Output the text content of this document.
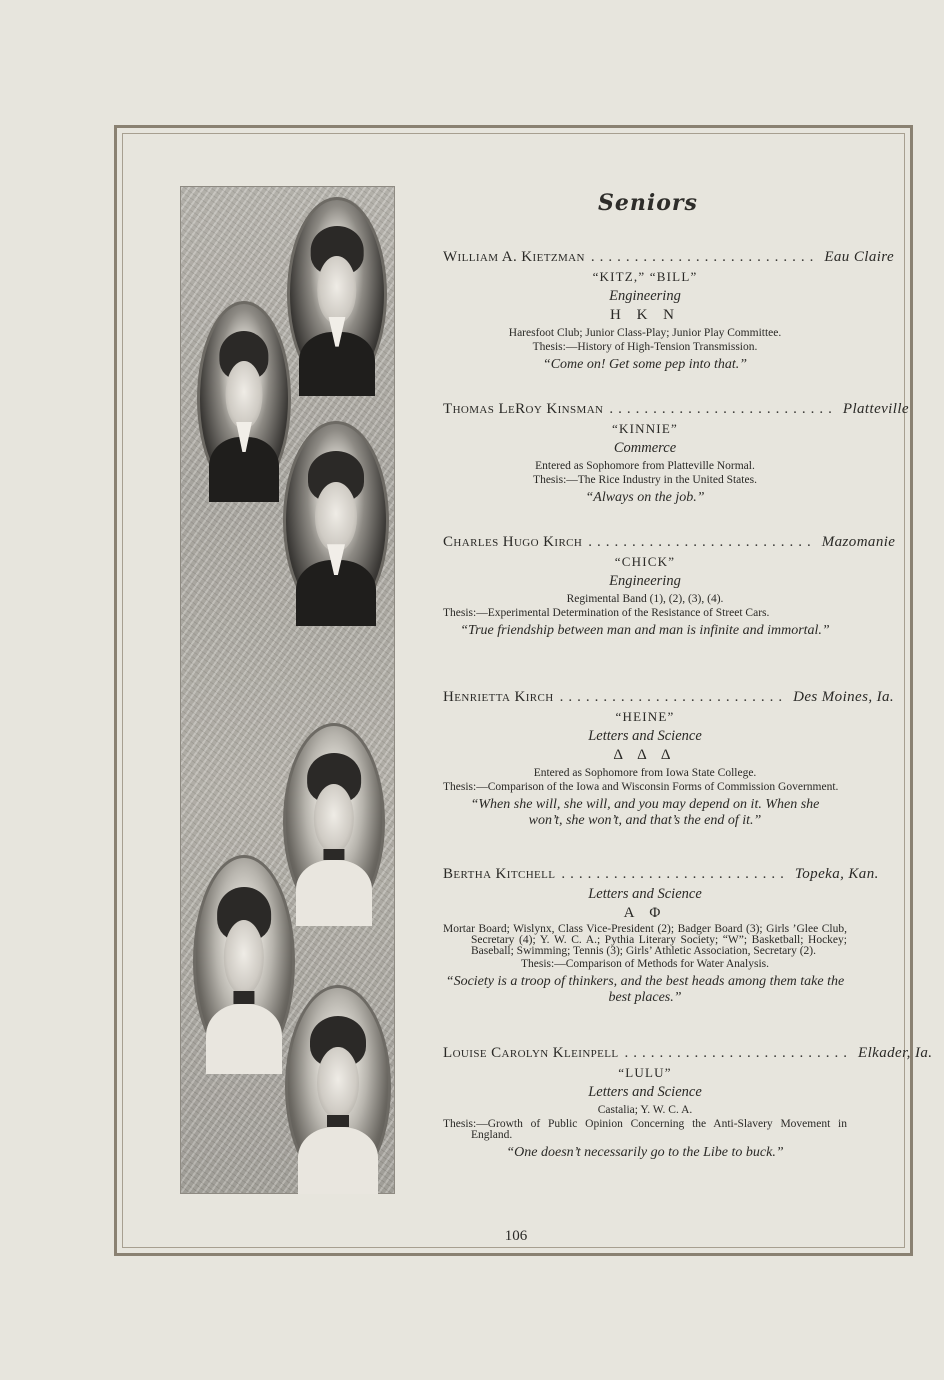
Seniors
William A. Kietzman .......................... Eau Claire
“KITZ,” “BILL”
Engineering
Η Κ Ν
Haresfoot Club; Junior Class-Play; Junior Play Committee.
Thesis:—History of High-Tension Transmission.
“Come on! Get some pep into that.”
Thomas LeRoy Kinsman .......................... Platteville
“KINNIE”
Commerce
Entered as Sophomore from Platteville Normal.
Thesis:—The Rice Industry in the United States.
“Always on the job.”
Charles Hugo Kirch .......................... Mazomanie
“CHICK”
Engineering
Regimental Band (1), (2), (3), (4).
Thesis:—Experimental Determination of the Resistance of Street Cars.
“True friendship between man and man is infinite and immortal.”
Henrietta Kirch .......................... Des Moines, Ia.
“HEINE”
Letters and Science
Δ Δ Δ
Entered as Sophomore from Iowa State College.
Thesis:—Comparison of the Iowa and Wisconsin Forms of Commission Government.
“When she will, she will, and you may depend on it. When she won’t, she won’t, and that’s the end of it.”
Bertha Kitchell .......................... Topeka, Kan.
Letters and Science
Α Φ
Mortar Board; Wislynx, Class Vice-President (2); Badger Board (3); Girls ’Glee Club, Secretary (4); Y. W. C. A.; Pythia Literary Society; “W”; Basketball; Hockey; Baseball; Swimming; Tennis (3); Girls’ Athletic Association, Secretary (2).
Thesis:—Comparison of Methods for Water Analysis.
“Society is a troop of thinkers, and the best heads among them take the best places.”
Louise Carolyn Kleinpell .......................... Elkader, Ia.
“LULU”
Letters and Science
Castalia; Y. W. C. A.
Thesis:—Growth of Public Opinion Concerning the Anti-Slavery Movement in England.
“One doesn’t necessarily go to the Libe to buck.”
106
